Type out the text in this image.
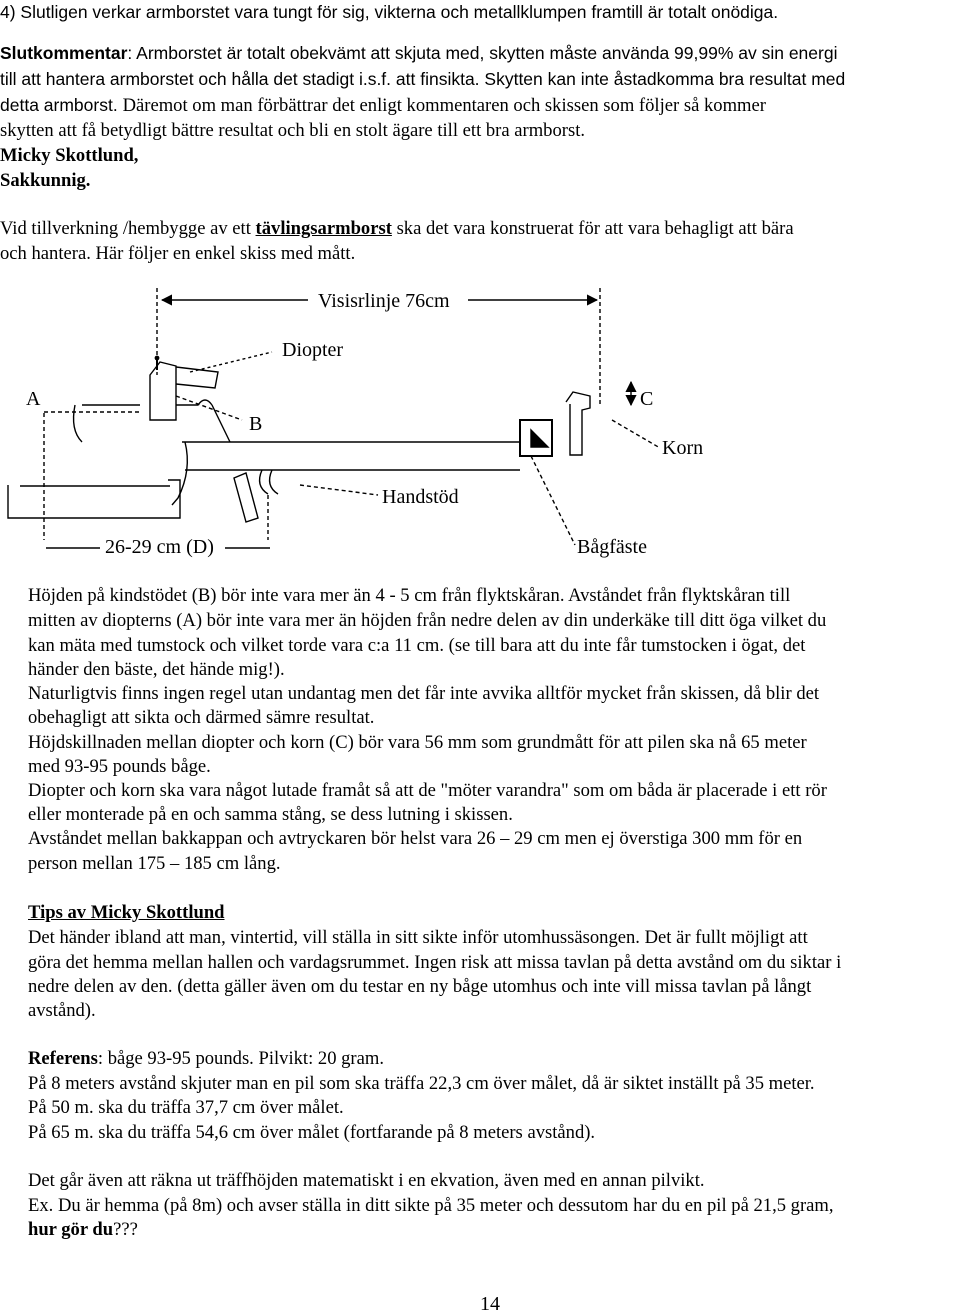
4) Slutligen verkar armborstet vara tungt för sig, vikterna och metallklumpen framtill är totalt onödiga.
Slutkommentar: Armborstet är totalt obekvämt att skjuta med, skytten måste använda 99,99% av sin energi
till att hantera armborstet och hålla det stadigt i.s.f. att finsikta. Skytten kan inte åstadkomma bra resultat med
detta armborst. Däremot om man förbättrar det enligt kommentaren och skissen som följer så kommer
skytten att få betydligt bättre resultat och bli en stolt ägare till ett bra armborst.
Micky Skottlund,
Sakkunnig.
Vid tillverkning /hembygge av ett tävlingsarmborst ska det vara konstruerat för att vara behagligt att bära
och hantera. Här följer en enkel skiss med mått.
Visisrlinje 76cm
Diopter
A
B
C
Korn
Handstöd
26-29 cm (D)	Bågfäste
Höjden på kindstödet (B) bör inte vara mer än 4 - 5 cm från flyktskåran. Avståndet från flyktskåran till
mitten av diopterns (A) bör inte vara mer än höjden från nedre delen av din underkäke till ditt öga vilket du
kan mäta med tumstock och vilket torde vara c:a 11 cm. (se till bara att du inte får tumstocken i ögat, det
händer den bäste, det hände mig!).
Naturligtvis finns ingen regel utan undantag men det får inte avvika alltför mycket från skissen, då blir det
obehagligt att sikta och därmed sämre resultat.
Höjdskillnaden mellan diopter och korn (C) bör vara 56 mm som grundmått för att pilen ska nå 65 meter
med 93-95 pounds båge.
Diopter och korn ska vara något lutade framåt så att de "möter varandra" som om båda är placerade i ett rör
eller monterade på en och samma stång, se dess lutning i skissen.
Avståndet mellan bakkappan och avtryckaren bör helst vara 26 – 29 cm men ej överstiga 300 mm för en
person mellan 175 – 185 cm lång.
Tips av Micky Skottlund
Det händer ibland att man, vintertid, vill ställa in sitt sikte inför utomhussäsongen. Det är fullt möjligt att
göra det hemma mellan hallen och vardagsrummet. Ingen risk att missa tavlan på detta avstånd om du siktar i
nedre delen av den. (detta gäller även om du testar en ny båge utomhus och inte vill missa tavlan på långt
avstånd).
Referens: båge 93-95 pounds. Pilvikt: 20 gram.
På 8 meters avstånd skjuter man en pil som ska träffa 22,3 cm över målet, då är siktet inställt på 35 meter.
På 50 m. ska du träffa 37,7 cm över målet.
På 65 m. ska du träffa 54,6 cm över målet (fortfarande på 8 meters avstånd).
Det går även att räkna ut träffhöjden matematiskt i en ekvation, även med en annan pilvikt.
Ex. Du är hemma (på 8m) och avser ställa in ditt sikte på 35 meter och dessutom har du en pil på 21,5 gram,
hur gör du???
14
